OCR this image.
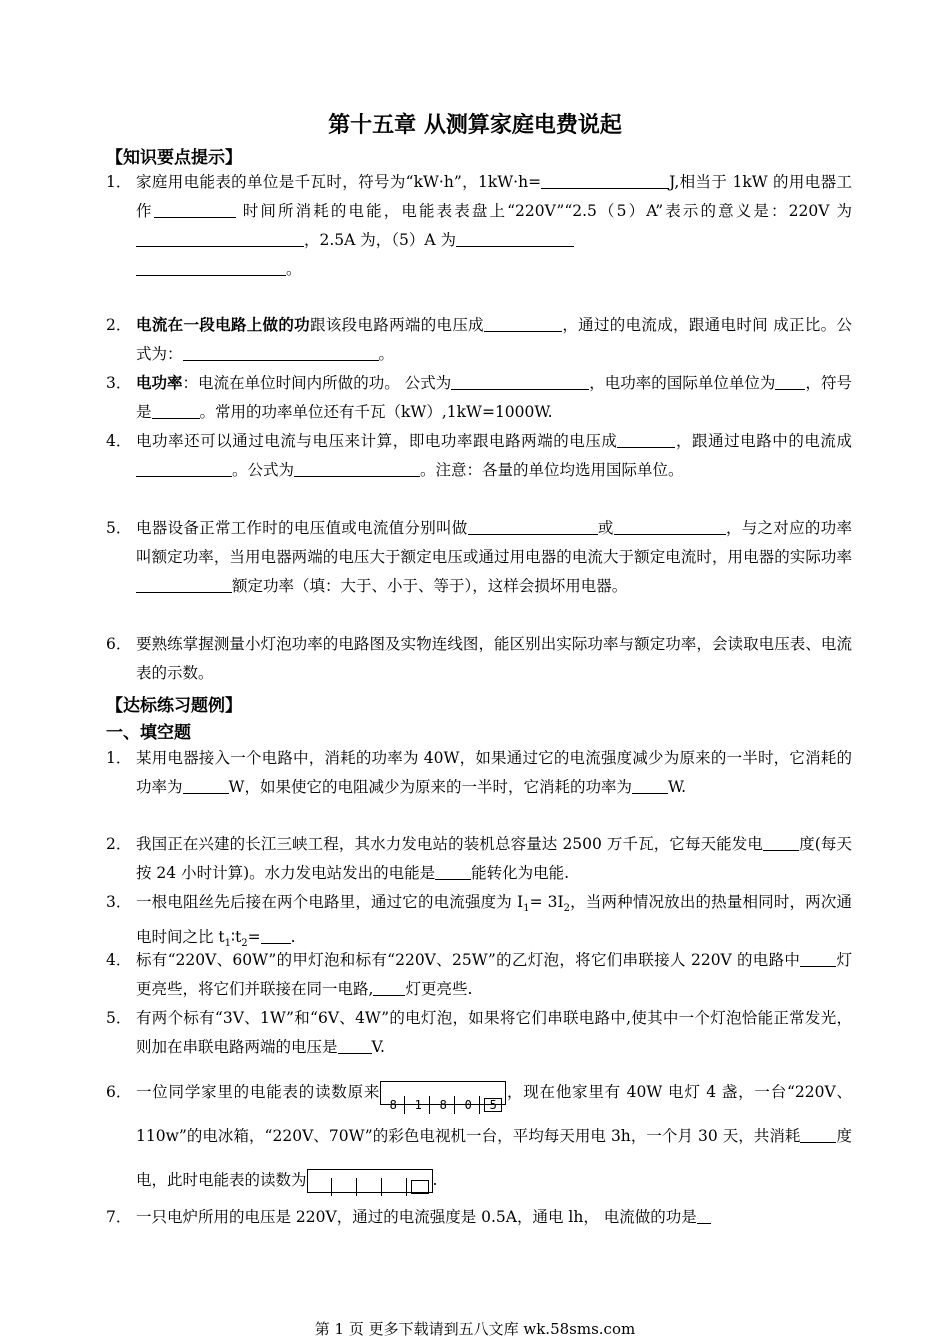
第十五章 从测算家庭电费说起
【知识要点提示】
1． 家庭用电能表的单位是千瓦时，符号为“kW·h”，1kW·h=	J,相当于 1kW 的用电器工作	时间所消耗的电能，电能表表盘上“220V”“2.5（5）A”表示的意义是：220V 为，2.5A 为，（5）A 为
。
2． 电流在一段电路上做的功跟该段电路两端的电压成	，通过的电流成，跟通电时间 成正比。公式为：	。
3． 电功率：电流在单位时间内所做的功。 公式为	，电功率的国际单位单位为 ，符号是	。常用的功率单位还有千瓦（kW）,1kW=1000W.
4． 电功率还可以通过电流与电压来计算，即电功率跟电路两端的电压成	，跟通过电路中的电流成。公式为	。注意：各量的单位均选用国际单位。
5． 电器设备正常工作时的电压值或电流值分别叫做	或	，与之对应的功率叫额定功率，当用电器两端的电压大于额定电压或通过用电器的电流大于额定电流时，用电器的实际功率额定功率（填：大于、小于、等于），这样会损坏用电器。
6． 要熟练掌握测量小灯泡功率的电路图及实物连线图，能区别出实际功率与额定功率，会读取电压表、电流表的示数。
【达标练习题例】
一、填空题
1． 某用电器接入一个电路中，消耗的功率为 40W，如果通过它的电流强度减少为原来的一半时，它消耗的功率为	W，如果使它的电阻减少为原来的一半时，它消耗的功率为 W.
2． 我国正在兴建的长江三峡工程，其水力发电站的装机总容量达 2500 万千瓦，它每天能发电 度(每天按 24 小时计算)。水力发电站发出的电能是 能转化为电能.
3． 一根电阻丝先后接在两个电路里，通过它的电流强度为 $I_1= 3I_2$，当两种情况放出的热量相同时，两次通电时间之比 $t_1∶t_2=$ .
4． 标有“220V、60W”的甲灯泡和标有“220V、25W”的乙灯泡，将它们串联接人 220V 的电路中 灯更亮些，将它们并联接在同一电路, 灯更亮些.
5． 有两个标有“3V、1W”和“6V、4W”的电灯泡，如果将它们串联电路中,使其中一个灯泡恰能正常发光，则加在串联电路两端的电压是 V.
6． 一位同学家里的电能表的读数原来8 1 8 0 5，现在他家里有 40W 电灯 4 盏，一台“220V、 110w”的电冰箱，“220V、70W”的彩色电视机一台，平均每天用电 3h，一个月 30 天，共消耗 度电，此时电能表的读数为	.
7． 一只电炉所用的电压是 220V，通过的电流强度是 0.5A，通电 lh， 电流做的功是
第 1 页 更多下载请到五八文库 wk.58sms.com
